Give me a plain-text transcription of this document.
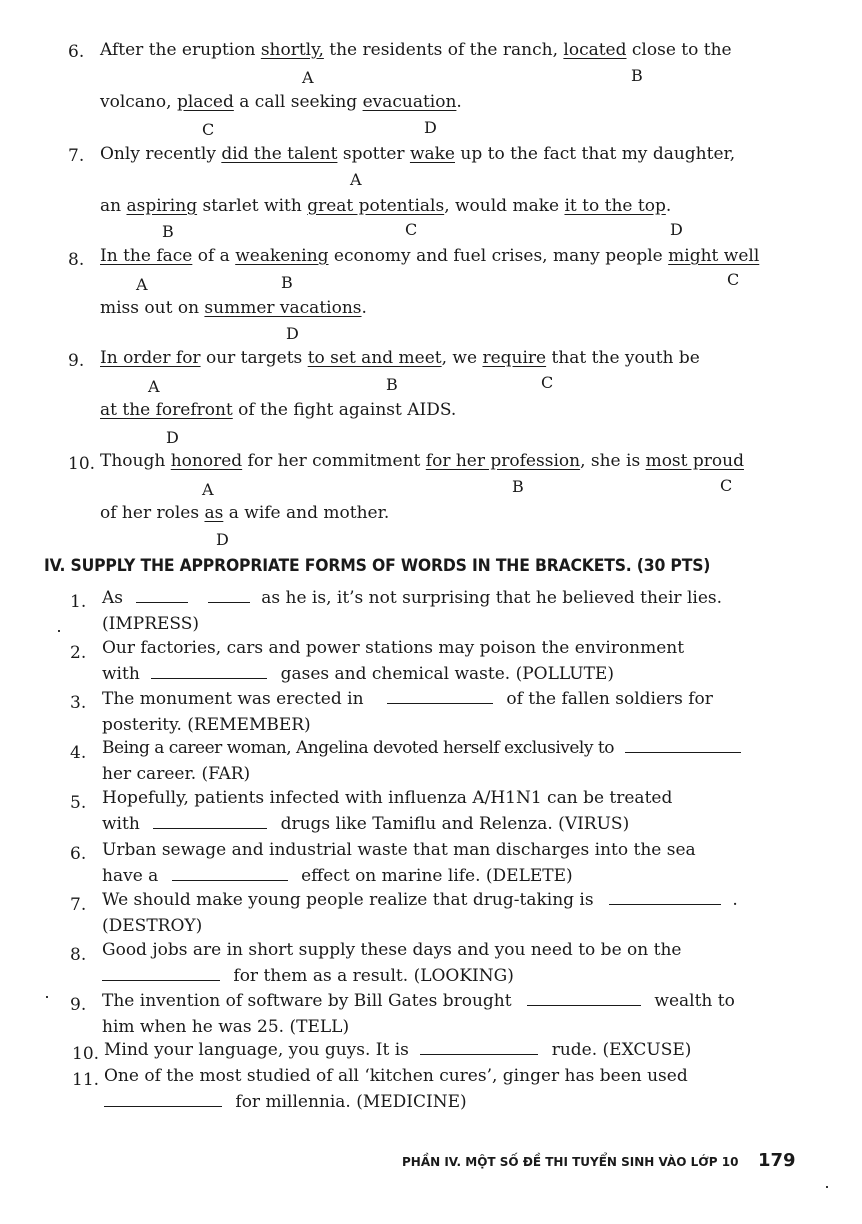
6. After the eruption shortly, the residents of the ranch, located close to the
A	B
volcano, placed a call seeking evacuation.
C	D
7. Only recently did the talent spotter wake up to the fact that my daughter,
A
an aspiring starlet with great potentials, would make it to the top.
B	C	D
8. In the face of a weakening economy and fuel crises, many people might well
A	B	C
miss out on summer vacations.
D
9. In order for our targets to set and meet, we require that the youth be
A	B	C
at the forefront of the fight against AIDS.
D
10. Though honored for her commitment for her profession, she is most proud
A	B	C
of her roles as a wife and mother.
D
IV. SUPPLY THE APPROPRIATE FORMS OF WORDS IN THE BRACKETS. (30 PTS)
1. As	as he is, it’s not surprising that he believed their lies.
(IMPRESS)
2. Our factories, cars and power stations may poison the environment
with	gases and chemical waste. (POLLUTE)
3. The monument was erected in	of the fallen soldiers for
posterity. (REMEMBER)
4. Being a career woman, Angelina devoted herself exclusively to
her career. (FAR)
5. Hopefully, patients infected with influenza A/H1N1 can be treated
with	drugs like Tamiflu and Relenza. (VIRUS)
6. Urban sewage and industrial waste that man discharges into the sea
have a	effect on marine life. (DELETE)
7. We should make young people realize that drug-taking is	.
(DESTROY)
8. Good jobs are in short supply these days and you need to be on the
for them as a result. (LOOKING)
9. The invention of software by Bill Gates brought	wealth to
him when he was 25. (TELL)
10. Mind your language, you guys. It is	rude. (EXCUSE)
11. One of the most studied of all ‘kitchen cures’, ginger has been used
for millennia. (MEDICINE)
PHẦN IV. MỘT SỐ ĐỀ THI TUYỂN SINH VÀO LỚP 10 179
